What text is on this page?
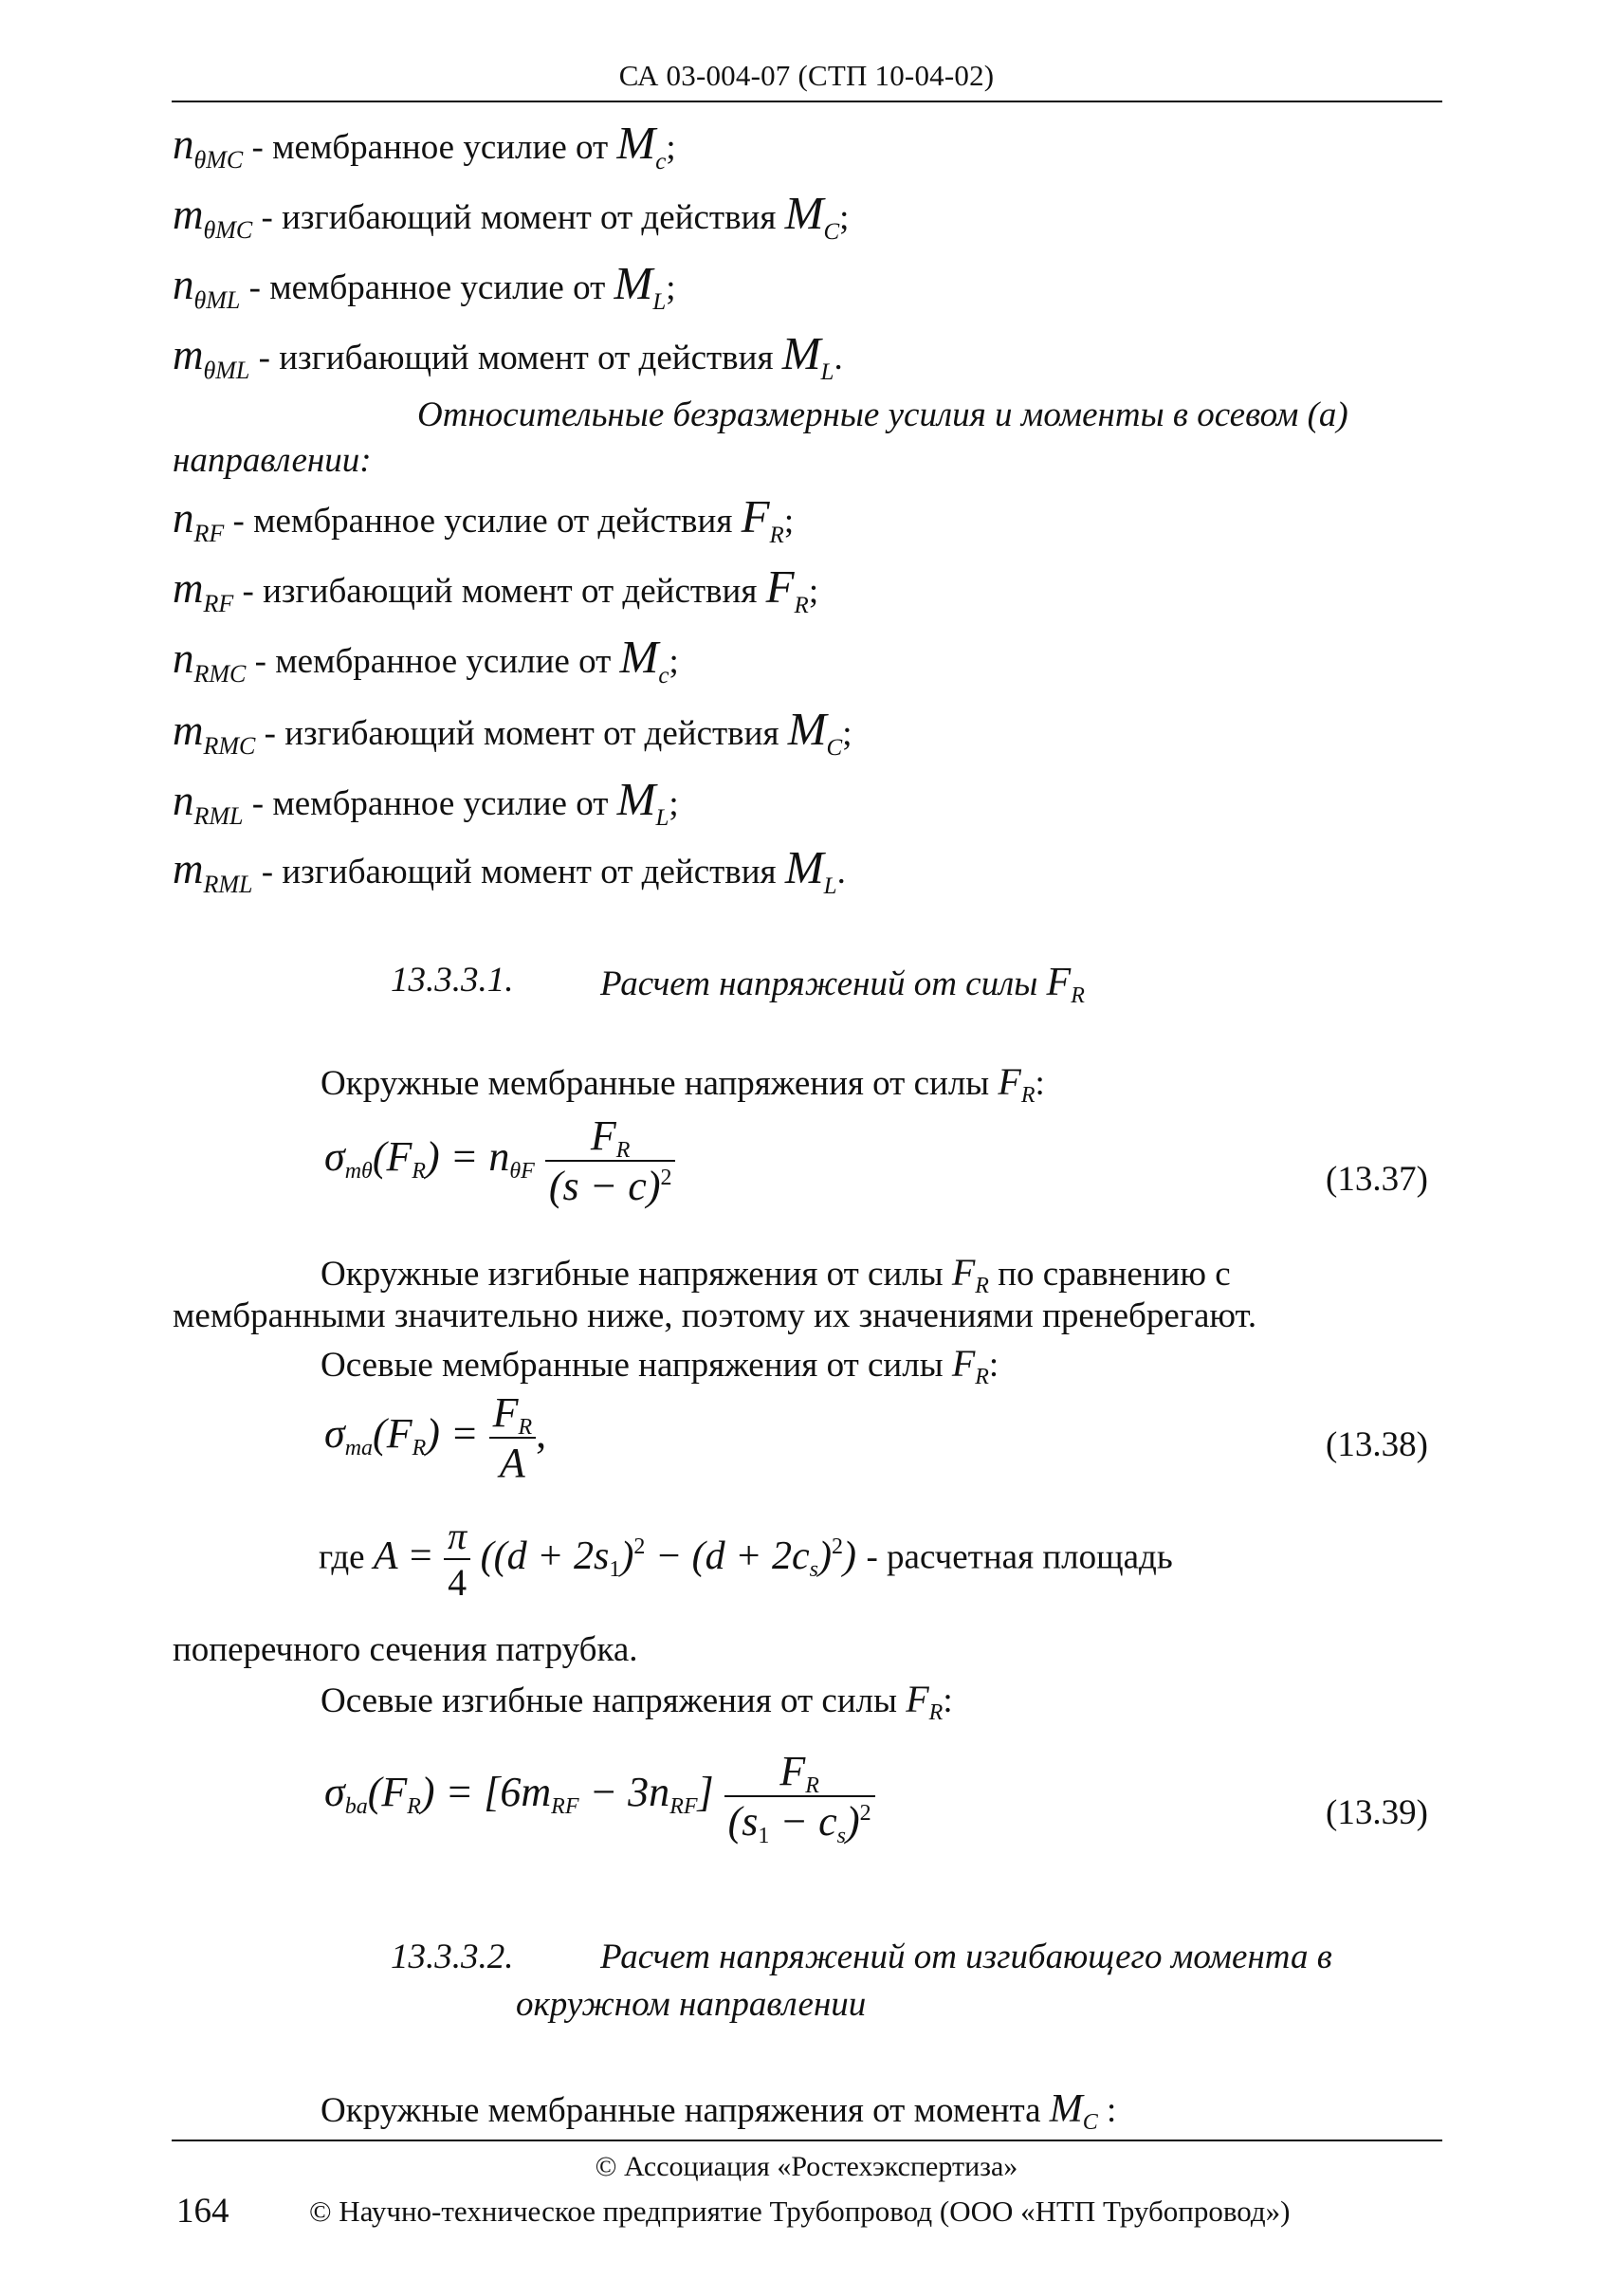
СА 03-004-07 (СТП 10-04-02)
nθMC - мембранное усилие от Mc;
mθMC - изгибающий момент от действия MC;
nθML - мембранное усилие от ML;
mθML - изгибающий момент от действия ML.
Относительные безразмерные усилия и моменты в осевом (а)
направлении:
nRF - мембранное усилие от действия FR;
mRF - изгибающий момент от действия FR;
nRMC - мембранное усилие от Mc;
mRMC - изгибающий момент от действия MC;
nRML - мембранное усилие от ML;
mRML - изгибающий момент от действия ML.
13.3.3.1. Расчет напряжений от силы $F_R$
Окружные мембранные напряжения от силы $F_R$:
σmθ(FR) = nθF $\frac{FR}{(s - c)^2}$	(13.37)
Окружные изгибные напряжения от силы $F_R$ по сравнению с
мембранными значительно ниже, поэтому их значениями пренебрегают.
Осевые мембранные напряжения от силы $F_R$:
$\sigma ma(FR) = \frac{FR}{A}$ ,	(13.38)
где $A = \frac{\pi}{4} ((d + 2s1)^2 - (d + 2cs)^2)$ - расчетная площадь
поперечного сечения патрубка.
Осевые изгибные напряжения от силы $F_R$:
$\sigma ba(FR) = [6mRF - 3nRF] \frac{FR}{(s1 - cs)^2}$	(13.39)
13.3.3.2. Расчет напряжений от изгибающего момента в
окружном направлении
Окружные мембранные напряжения от момента $M_C$ :
© Ассоциация «Ростехэкспертиза»
164	© Научно-техническое предприятие Трубопровод (ООО «НТП Трубопровод»)
